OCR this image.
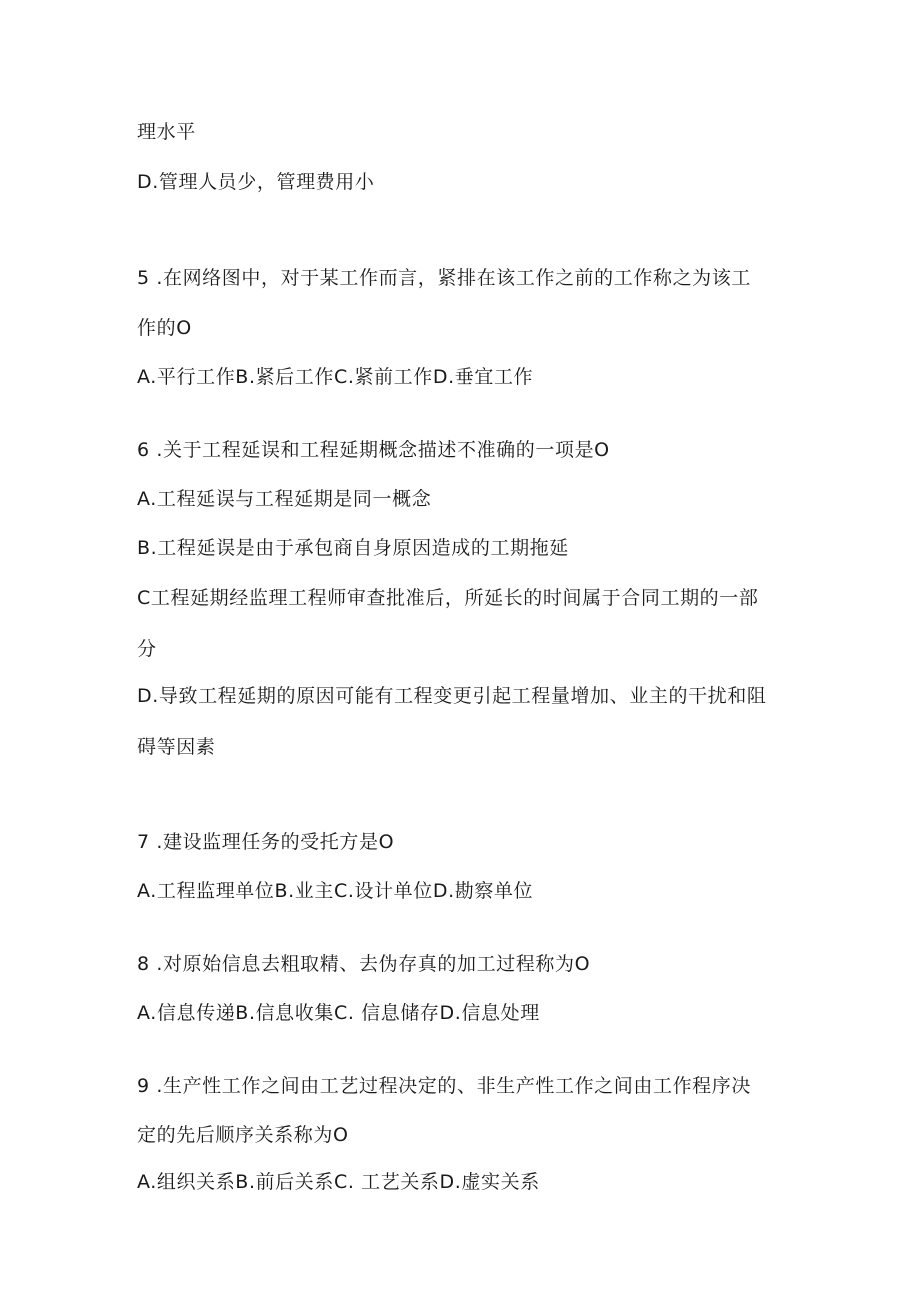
理水平
D.管理人员少，管理费用小
5 .在网络图中，对于某工作而言，紧排在该工作之前的工作称之为该工
作的O
A.平行工作B.紧后工作C.紧前工作D.垂宜工作
6 .关于工程延误和工程延期概念描述不准确的一项是O
A.工程延误与工程延期是同一概念
B.工程延误是由于承包商自身原因造成的工期拖延
C工程延期经监理工程师审查批准后，所延长的时间属于合同工期的一部
分
D.导致工程延期的原因可能有工程变更引起工程量增加、业主的干扰和阻
碍等因素
7 .建设监理任务的受托方是O
A.工程监理单位B.业主C.设计单位D.勘察单位
8 .对原始信息去粗取精、去伪存真的加工过程称为O
A.信息传递B.信息收集C. 信息储存D.信息处理
9 .生产性工作之间由工艺过程决定的、非生产性工作之间由工作程序决
定的先后顺序关系称为O
A.组织关系B.前后关系C. 工艺关系D.虚实关系
